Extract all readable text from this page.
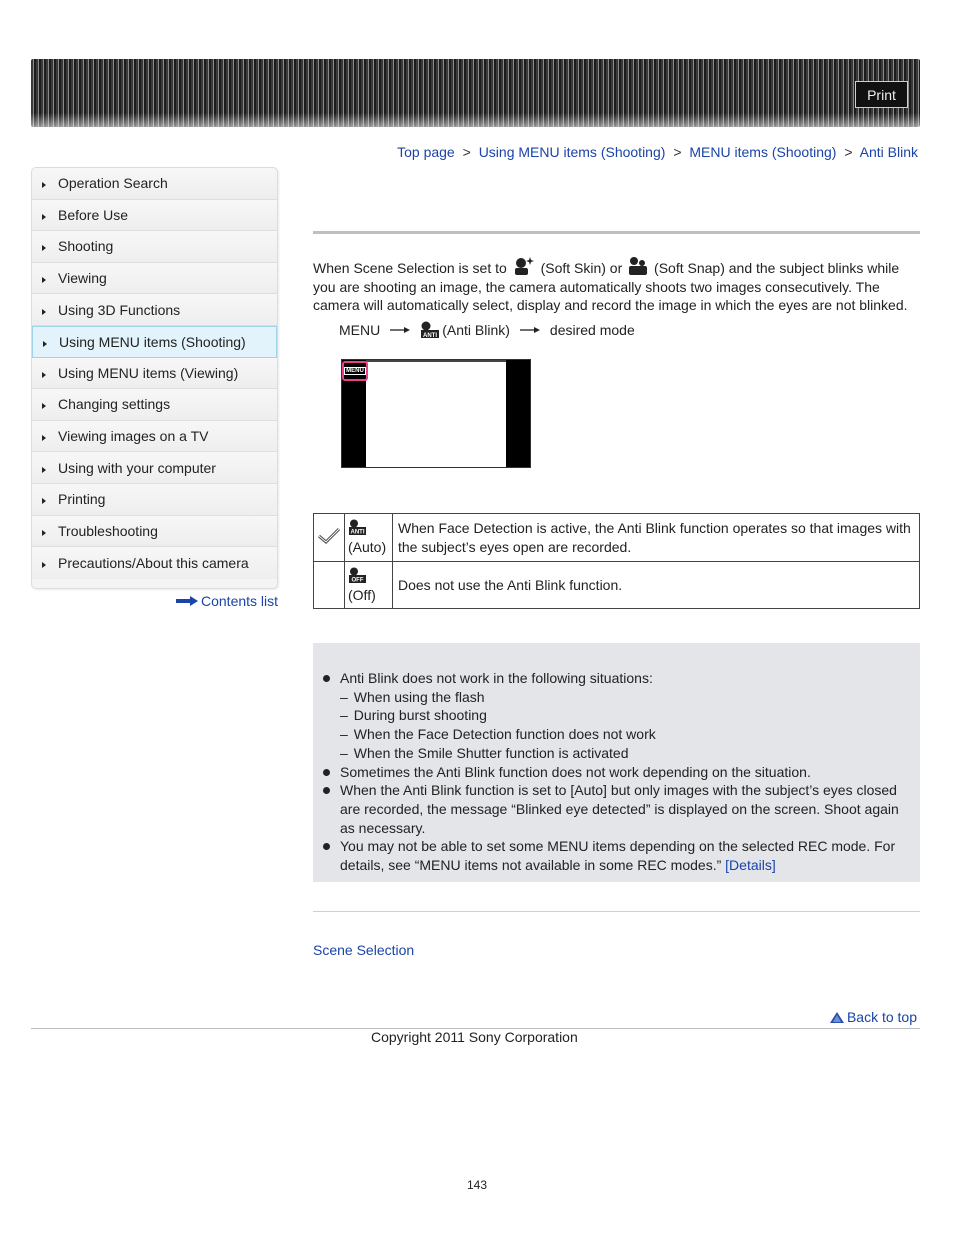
Print
Top page > Using MENU items (Shooting) > MENU items (Shooting) > Anti Blink
Operation Search
Before Use
Shooting
Viewing
Using 3D Functions
Using MENU items (Shooting)
Using MENU items (Viewing)
Changing settings
Viewing images on a TV
Using with your computer
Printing
Troubleshooting
Precautions/About this camera
Contents list
When Scene Selection is set to (Soft Skin) or (Soft Snap) and the subject blinks while you are shooting an image, the camera automatically shoots two images consecutively. The camera will automatically select, display and record the image in which the eyes are not blinked.
MENU	ANTI (Anti Blink)	desired mode
MENU

ANTI

(Auto)	When Face Detection is active, the Anti Blink function operates so that images with the subject’s eyes open are recorded.

OFF

(Off)	Does not use the Anti Blink function.
Anti Blink does not work in the following situations:
– When using the flash
– During burst shooting
– When the Face Detection function does not work
– When the Smile Shutter function is activated
Sometimes the Anti Blink function does not work depending on the situation.
When the Anti Blink function is set to [Auto] but only images with the subject’s eyes closed are recorded, the message “Blinked eye detected” is displayed on the screen. Shoot again as necessary.
You may not be able to set some MENU items depending on the selected REC mode. For details, see “MENU items not available in some REC modes.” [Details]
Scene Selection
Back to top
Copyright 2011 Sony Corporation
143
